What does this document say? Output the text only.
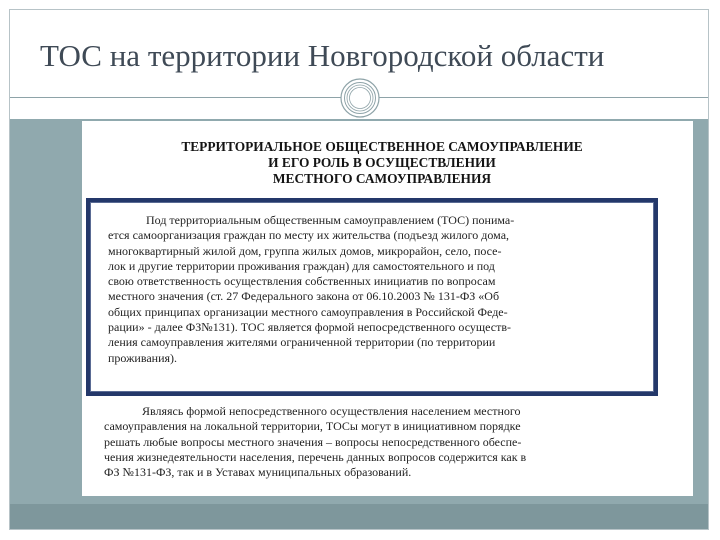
ТОС на территории Новгородской области
ТЕРРИТОРИАЛЬНОЕ ОБЩЕСТВЕННОЕ САМОУПРАВЛЕНИЕ
И ЕГО РОЛЬ В ОСУЩЕСТВЛЕНИИ
МЕСТНОГО САМОУПРАВЛЕНИЯ
Под территориальным общественным самоуправлением (ТОС) понима-
ется самоорганизация граждан по месту их жительства (подъезд жилого дома,
многоквартирный жилой дом, группа жилых домов, микрорайон, село, посе-
лок и другие территории проживания граждан) для самостоятельного и под
свою ответственность осуществления собственных инициатив по вопросам
местного значения (ст. 27 Федерального закона от 06.10.2003 № 131-ФЗ «Об
общих принципах организации местного самоуправления в Российской Феде-
рации» - далее ФЗ№131). ТОС является формой непосредственного осуществ-
ления самоуправления жителями ограниченной территории (по территории
проживания).
Являясь формой непосредственного осуществления населением местного
самоуправления на локальной территории, ТОСы могут в инициативном порядке
решать любые вопросы местного значения – вопросы непосредственного обеспе-
чения жизнедеятельности населения, перечень данных вопросов содержится как в
ФЗ №131-ФЗ, так и в Уставах муниципальных образований.
